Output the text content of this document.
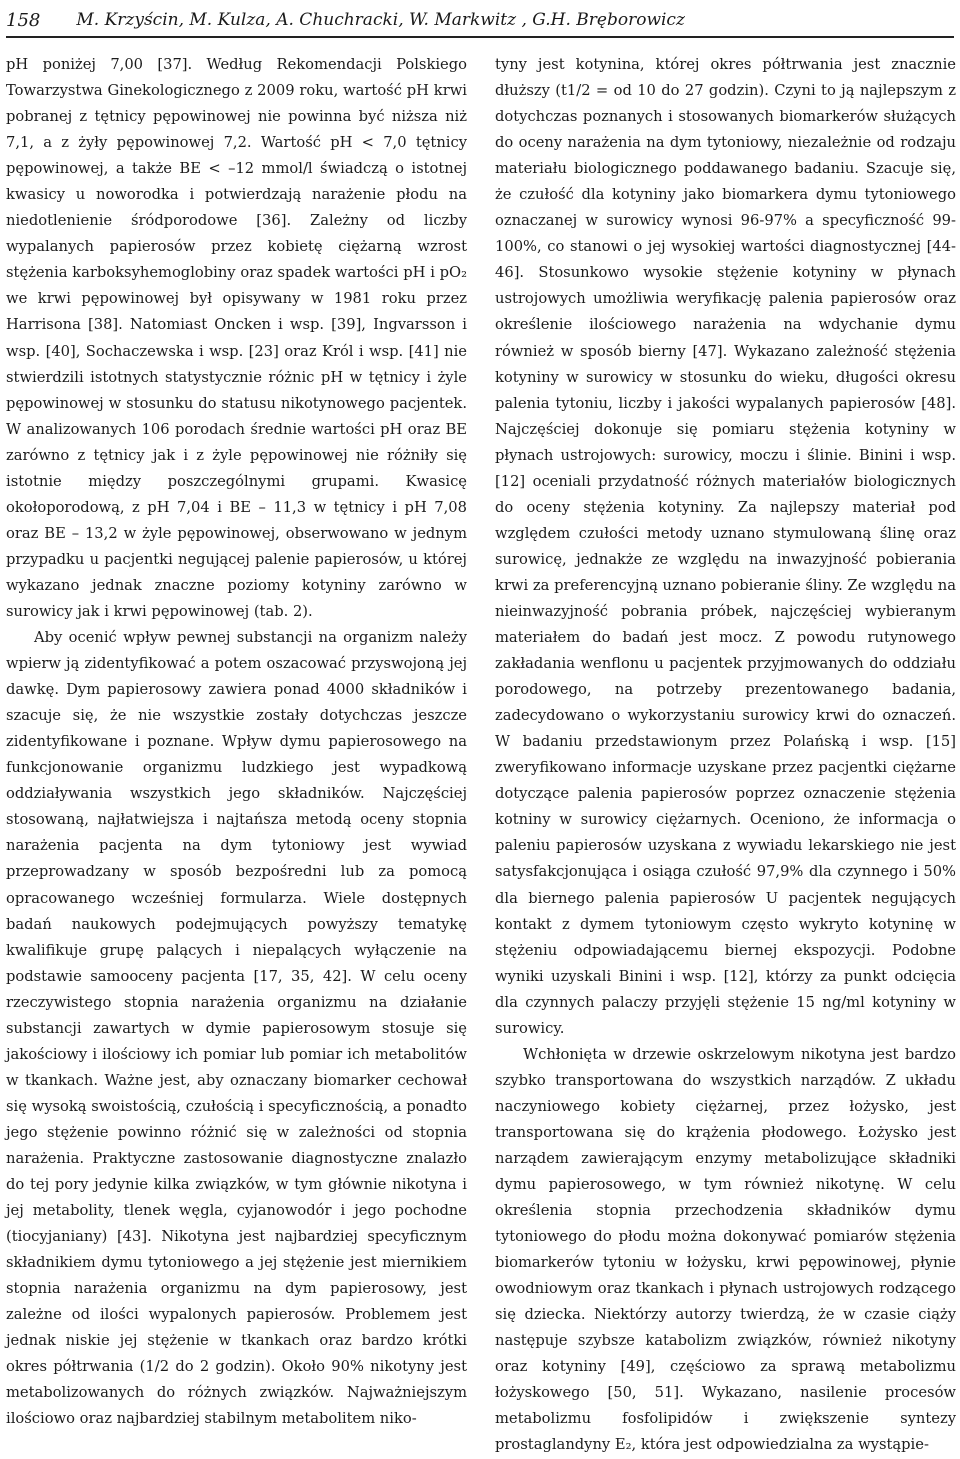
158 M. Krzyścin, M. Kulza, A. Chuchracki, W. Markwitz , G.H. Bręborowicz

pH poniżej 7,00 [37]. Według Rekomendacji Polskiego Towarzystwa Ginekologicznego z 2009 roku, wartość pH krwi pobranej z tętnicy pępowinowej nie powinna być niższa niż 7,1, a z żyły pępowinowej 7,2. Wartość pH < 7,0 tętnicy pępowinowej, a także BE < –12 mmol/l świadczą o istotnej kwasicy u noworodka i potwierdzają narażenie płodu na niedotlenienie śródporodowe [36]. Zależny od liczby wypalanych papierosów przez kobietę ciężarną wzrost stężenia karboksyhemoglobiny oraz spadek wartości pH i pO₂ we krwi pępowinowej był opisywany w 1981 roku przez Harrisona [38]. Natomiast Oncken i wsp. [39], Ingvarsson i wsp. [40], Sochaczewska i wsp. [23] oraz Król i wsp. [41] nie stwierdzili istotnych statystycznie różnic pH w tętnicy i żyle pępowinowej w stosunku do statusu nikotynowego pacjentek. W analizowanych 106 porodach średnie wartości pH oraz BE zarówno z tętnicy jak i z żyle pępowinowej nie różniły się istotnie między poszczególnymi grupami. Kwasicę okołoporodową, z pH 7,04 i BE – 11,3 w tętnicy i pH 7,08 oraz BE – 13,2 w żyle pępowinowej, obserwowano w jednym przypadku u pacjentki negującej palenie papierosów, u której wykazano jednak znaczne poziomy kotyniny zarówno w surowicy jak i krwi pępowinowej (tab. 2).

Aby ocenić wpływ pewnej substancji na organizm należy wpierw ją zidentyfikować a potem oszacować przyswojoną jej dawkę. Dym papierosowy zawiera ponad 4000 składników i szacuje się, że nie wszystkie zostały dotychczas jeszcze zidentyfikowane i poznane. Wpływ dymu papierosowego na funkcjonowanie organizmu ludzkiego jest wypadkową oddziaływania wszystkich jego składników. Najczęściej stosowaną, najłatwiejsza i najtańsza metodą oceny stopnia narażenia pacjenta na dym tytoniowy jest wywiad przeprowadzany w sposób bezpośredni lub za pomocą opracowanego wcześniej formularza. Wiele dostępnych badań naukowych podejmujących powyższy tematykę kwalifikuje grupę palących i niepalących wyłączenie na podstawie samooceny pacjenta [17, 35, 42]. W celu oceny rzeczywistego stopnia narażenia organizmu na działanie substancji zawartych w dymie papierosowym stosuje się jakościowy i ilościowy ich pomiar lub pomiar ich metabolitów w tkankach. Ważne jest, aby oznaczany biomarker cechował się wysoką swoistością, czułością i specyficznością, a ponadto jego stężenie powinno różnić się w zależności od stopnia narażenia. Praktyczne zastosowanie diagnostyczne znalazło do tej pory jedynie kilka związków, w tym głównie nikotyna i jej metabolity, tlenek węgla, cyjanowodór i jego pochodne (tiocyjaniany) [43]. Nikotyna jest najbardziej specyficznym składnikiem dymu tytoniowego a jej stężenie jest miernikiem stopnia narażenia organizmu na dym papierosowy, jest zależne od ilości wypalonych papierosów. Problemem jest jednak niskie jej stężenie w tkankach oraz bardzo krótki okres półtrwania (1/2 do 2 godzin). Około 90% nikotyny jest metabolizowanych do różnych związków. Najważniejszym ilościowo oraz najbardziej stabilnym metabolitem niko-

tyny jest kotynina, której okres półtrwania jest znacznie dłuższy (t1/2 = od 10 do 27 godzin). Czyni to ją najlepszym z dotychczas poznanych i stosowanych biomarkerów służących do oceny narażenia na dym tytoniowy, niezależnie od rodzaju materiału biologicznego poddawanego badaniu. Szacuje się, że czułość dla kotyniny jako biomarkera dymu tytoniowego oznaczanej w surowicy wynosi 96-97% a specyficzność 99-100%, co stanowi o jej wysokiej wartości diagnostycznej [44-46]. Stosunkowo wysokie stężenie kotyniny w płynach ustrojowych umożliwia weryfikację palenia papierosów oraz określenie ilościowego narażenia na wdychanie dymu również w sposób bierny [47]. Wykazano zależność stężenia kotyniny w surowicy w stosunku do wieku, długości okresu palenia tytoniu, liczby i jakości wypalanych papierosów [48]. Najczęściej dokonuje się pomiaru stężenia kotyniny w płynach ustrojowych: surowicy, moczu i ślinie. Binini i wsp. [12] oceniali przydatność różnych materiałów biologicznych do oceny stężenia kotyniny. Za najlepszy materiał pod względem czułości metody uznano stymulowaną ślinę oraz surowicę, jednakże ze względu na inwazyjność pobierania krwi za preferencyjną uznano pobieranie śliny. Ze względu na nieinwazyjność pobrania próbek, najczęściej wybieranym materiałem do badań jest mocz. Z powodu rutynowego zakładania wenflonu u pacjentek przyjmowanych do oddziału porodowego, na potrzeby prezentowanego badania, zadecydowano o wykorzystaniu surowicy krwi do oznaczeń. W badaniu przedstawionym przez Polańską i wsp. [15] zweryfikowano informacje uzyskane przez pacjentki ciężarne dotyczące palenia papierosów poprzez oznaczenie stężenia kotniny w surowicy ciężarnych. Oceniono, że informacja o paleniu papierosów uzyskana z wywiadu lekarskiego nie jest satysfakcjonująca i osiąga czułość 97,9% dla czynnego i 50% dla biernego palenia papierosów U pacjentek negujących kontakt z dymem tytoniowym często wykryto kotyninę w stężeniu odpowiadającemu biernej ekspozycji. Podobne wyniki uzyskali Binini i wsp. [12], którzy za punkt odcięcia dla czynnych palaczy przyjęli stężenie 15 ng/ml kotyniny w surowicy.

Wchłonięta w drzewie oskrzelowym nikotyna jest bardzo szybko transportowana do wszystkich narządów. Z układu naczyniowego kobiety ciężarnej, przez łożysko, jest transportowana się do krążenia płodowego. Łożysko jest narządem zawierającym enzymy metabolizujące składniki dymu papierosowego, w tym również nikotynę. W celu określenia stopnia przechodzenia składników dymu tytoniowego do płodu można dokonywać pomiarów stężenia biomarkerów tytoniu w łożysku, krwi pępowinowej, płynie owodniowym oraz tkankach i płynach ustrojowych rodzącego się dziecka. Niektórzy autorzy twierdzą, że w czasie ciąży następuje szybsze katabolizm związków, również nikotyny oraz kotyniny [49], częściowo za sprawą metabolizmu łożyskowego [50, 51]. Wykazano, nasilenie procesów metabolizmu fosfolipidów i zwiększenie syntezy prostaglandyny E₂, która jest odpowiedzialna za wystąpie-
